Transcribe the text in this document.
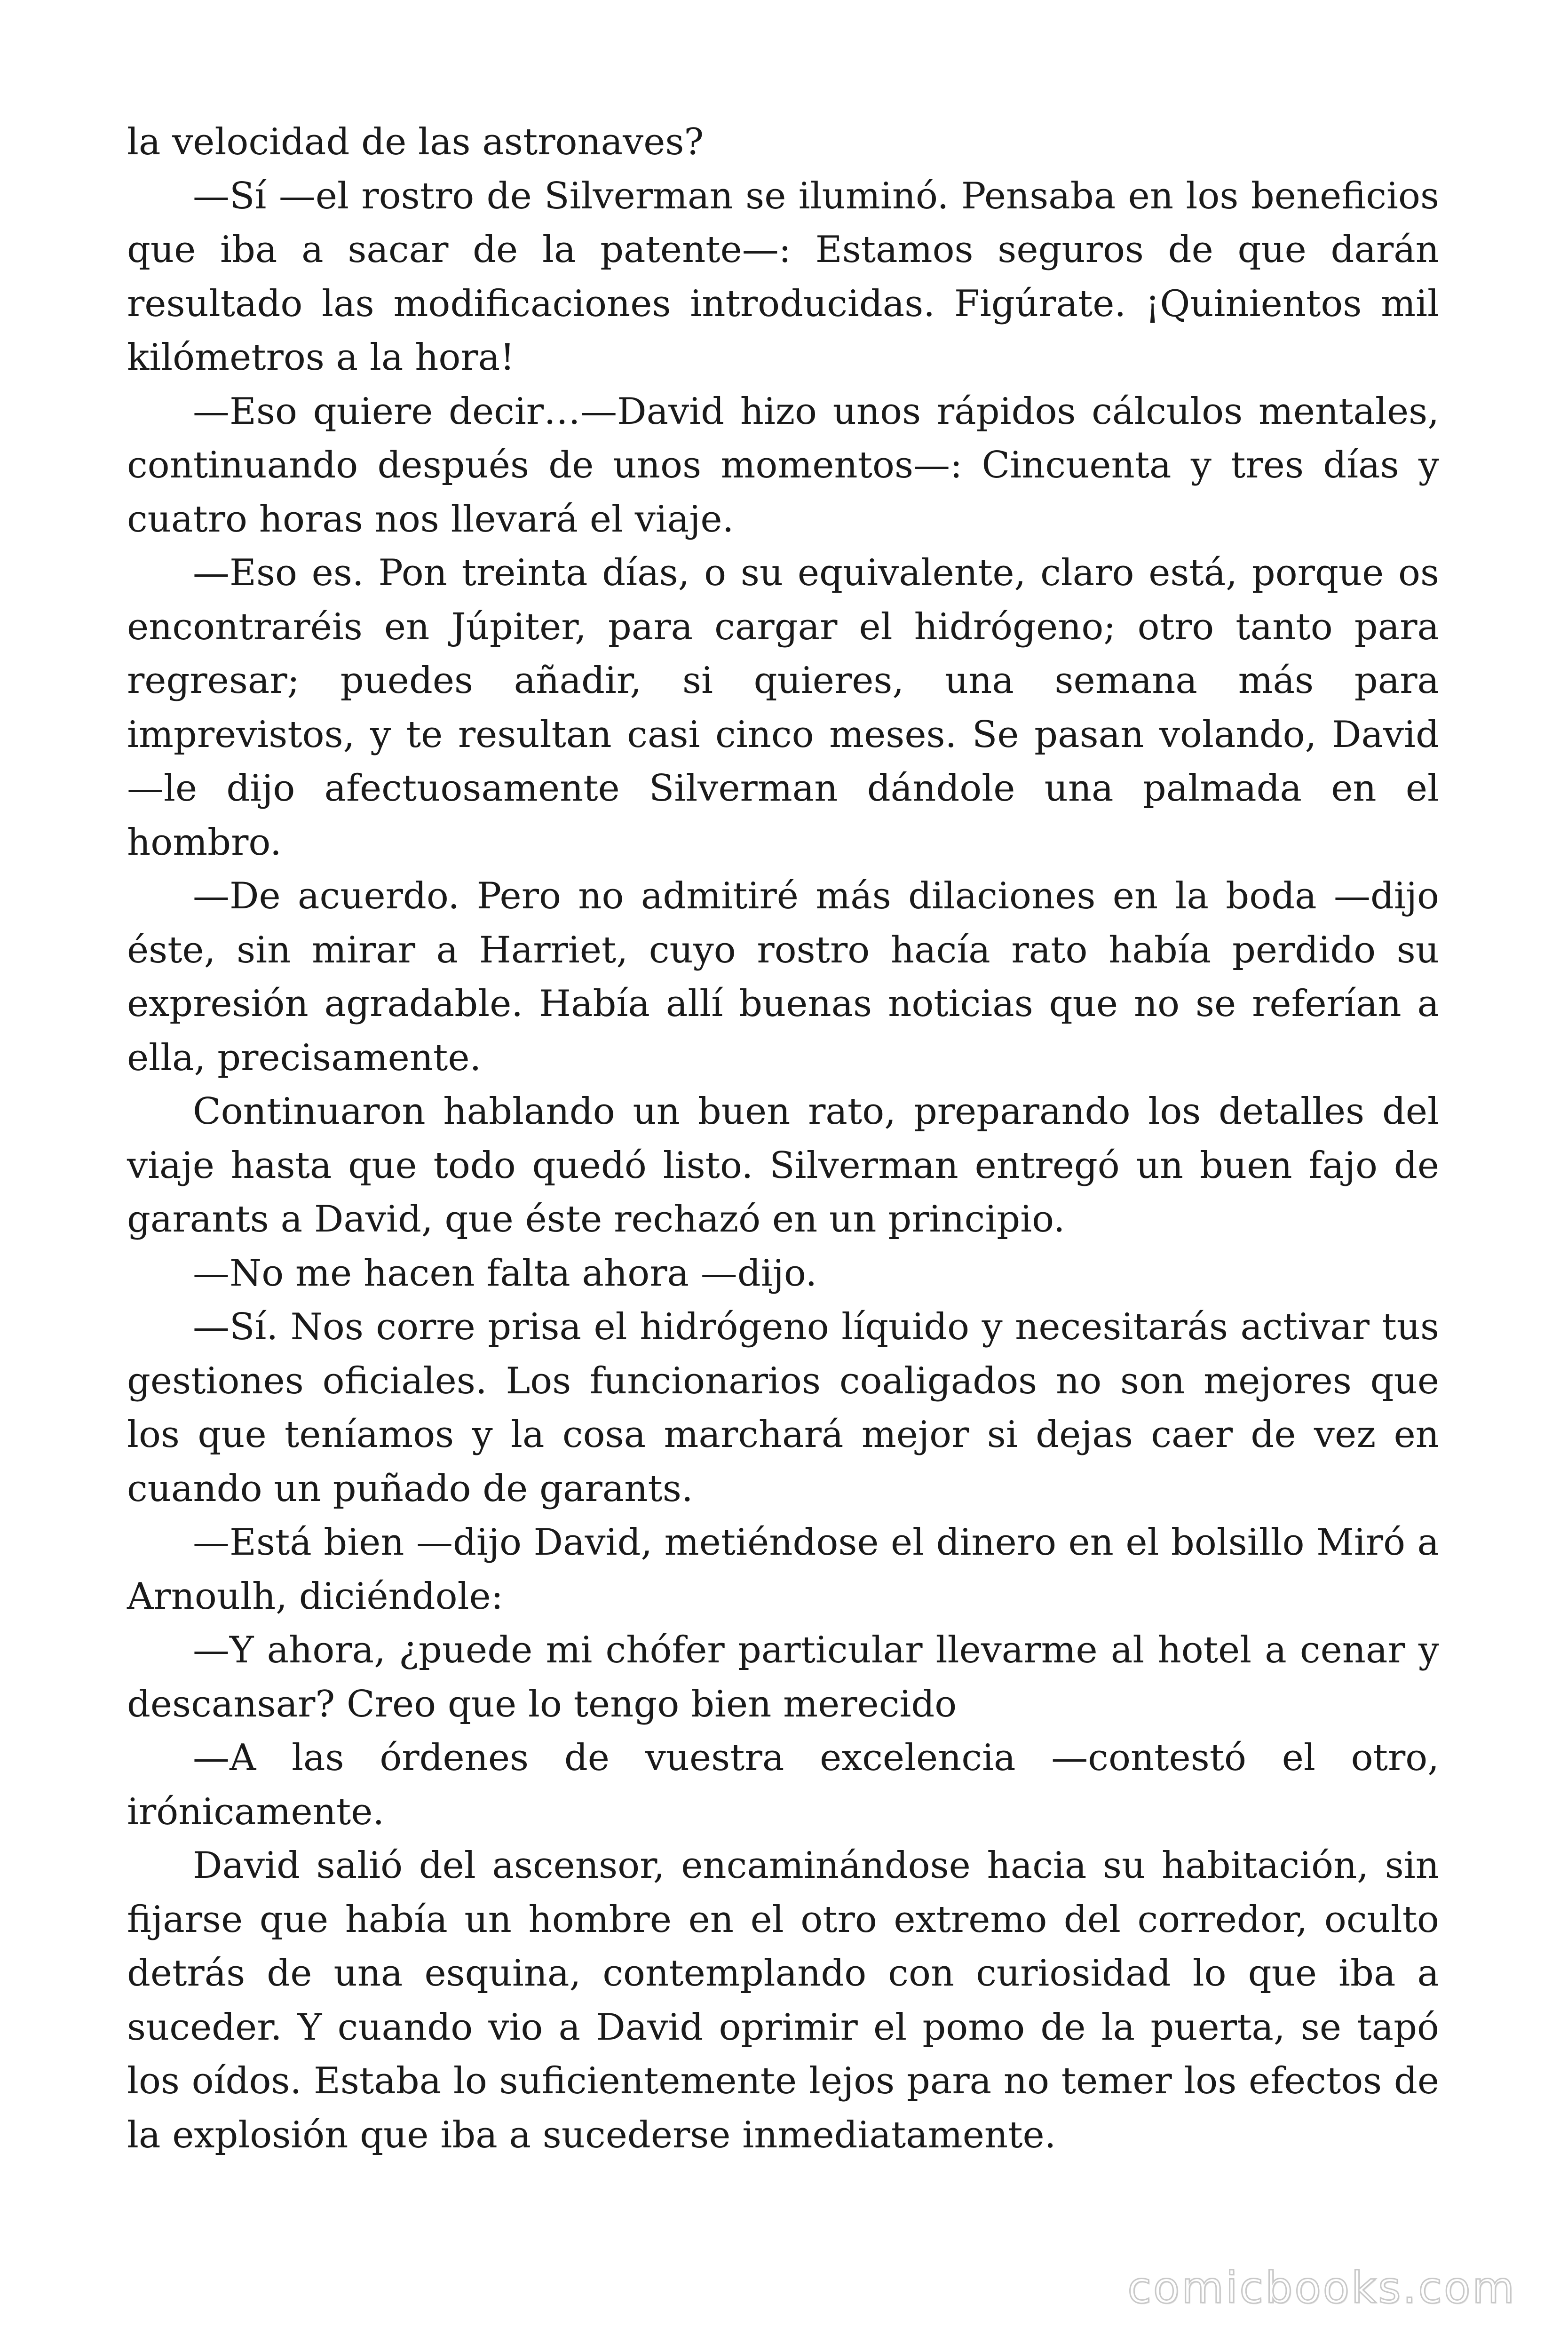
la velocidad de las astronaves?

—Sí —el rostro de Silverman se iluminó. Pensaba en los beneficios que iba a sacar de la patente—: Estamos seguros de que darán resultado las modificaciones introducidas. Figúrate. ¡Quinientos mil kilómetros a la hora!

—Eso quiere decir…—David hizo unos rápidos cálculos mentales, continuando después de unos momentos—: Cincuenta y tres días y cuatro horas nos llevará el viaje.

—Eso es. Pon treinta días, o su equivalente, claro está, porque os encontraréis en Júpiter, para cargar el hidrógeno; otro tanto para regresar; puedes añadir, si quieres, una semana más para imprevistos, y te resultan casi cinco meses. Se pasan volando, David —le dijo afectuosamente Silverman dándole una palmada en el hombro.

—De acuerdo. Pero no admitiré más dilaciones en la boda —dijo éste, sin mirar a Harriet, cuyo rostro hacía rato había perdido su expresión agradable. Había allí buenas noticias que no se referían a ella, precisamente.

Continuaron hablando un buen rato, preparando los detalles del viaje hasta que todo quedó listo. Silverman entregó un buen fajo de garants a David, que éste rechazó en un principio.

—No me hacen falta ahora —dijo.

—Sí. Nos corre prisa el hidrógeno líquido y necesitarás activar tus gestiones oficiales. Los funcionarios coaligados no son mejores que los que teníamos y la cosa marchará mejor si dejas caer de vez en cuando un puñado de garants.

—Está bien —dijo David, metiéndose el dinero en el bolsillo Miró a Arnoulh, diciéndole:

—Y ahora, ¿puede mi chófer particular llevarme al hotel a cenar y descansar? Creo que lo tengo bien merecido

—A las órdenes de vuestra excelencia —contestó el otro, irónicamente.

David salió del ascensor, encaminándose hacia su habitación, sin fijarse que había un hombre en el otro extremo del corredor, oculto detrás de una esquina, contemplando con curiosidad lo que iba a suceder. Y cuando vio a David oprimir el pomo de la puerta, se tapó los oídos. Estaba lo suficientemente lejos para no temer los efectos de la explosión que iba a sucederse inmediatamente.

comicbooks.com
